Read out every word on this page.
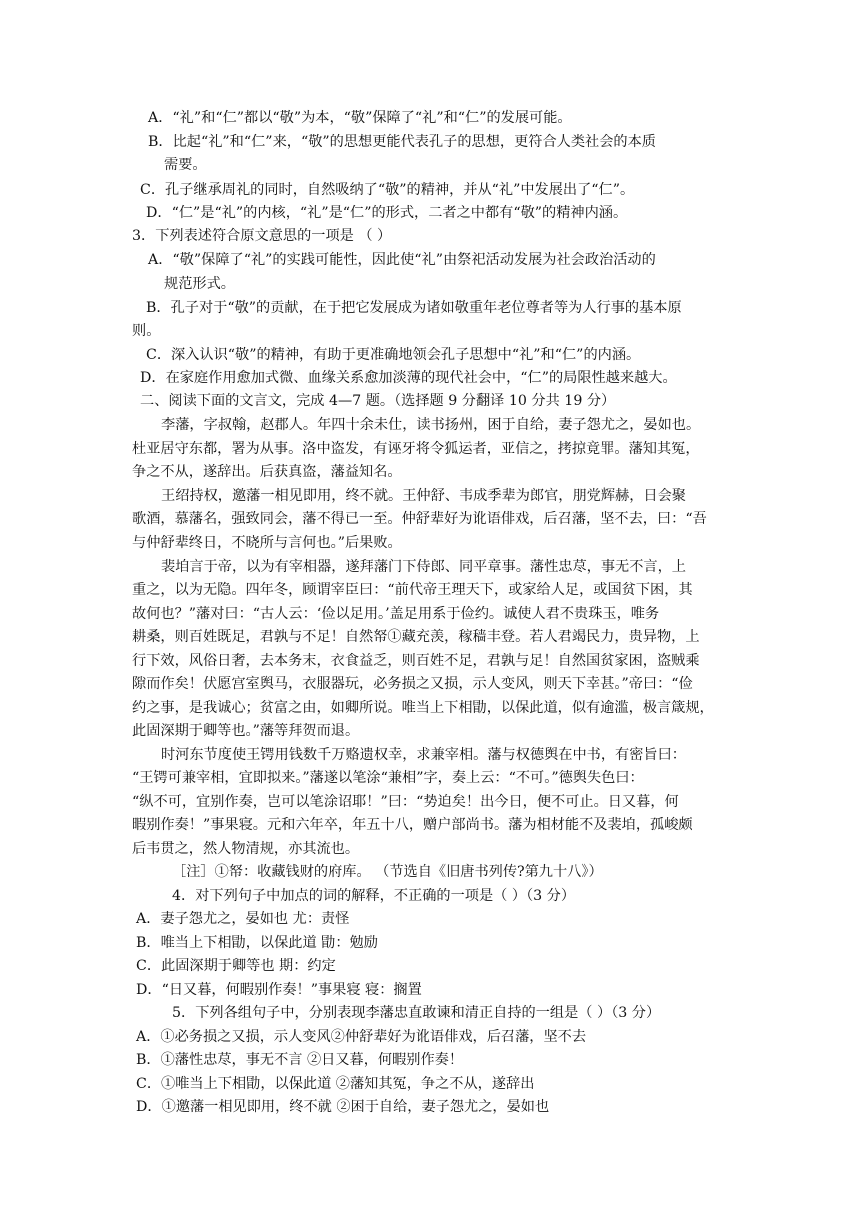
A．“礼”和“仁”都以“敬”为本，“敬”保障了“礼”和“仁”的发展可能。
B．比起“礼”和“仁”来，“敬”的思想更能代表孔子的思想，更符合人类社会的本质
需要。
C．孔子继承周礼的同时，自然吸纳了“敬”的精神，并从“礼”中发展出了“仁”。
D．“仁”是“礼”的内核，“礼”是“仁”的形式，二者之中都有“敬”的精神内涵。
3．下列表述符合原文意思的一项是 （ ）
A．“敬”保障了“礼”的实践可能性，因此使“礼”由祭祀活动发展为社会政治活动的
规范形式。
B．孔子对于“敬”的贡献，在于把它发展成为诸如敬重年老位尊者等为人行事的基本原
则。
C．深入认识“敬”的精神，有助于更准确地领会孔子思想中“礼”和“仁”的内涵。
D．在家庭作用愈加式微、血缘关系愈加淡薄的现代社会中，“仁”的局限性越来越大。
二、阅读下面的文言文，完成 4—7 题。（选择题 9 分翻译 10 分共 19 分）
李藩，字叔翰，赵郡人。年四十余未仕，读书扬州，困于自给，妻子怨尤之，晏如也。
杜亚居守东都，署为从事。洛中盗发，有诬牙将令狐运者，亚信之，拷掠竟罪。藩知其冤，
争之不从，遂辞出。后获真盗，藩益知名。
王绍持权，邀藩一相见即用，终不就。王仲舒、韦成季辈为郎官，朋党辉赫，日会聚
歌酒，慕藩名，强致同会，藩不得已一至。仲舒辈好为讹语俳戏，后召藩，坚不去，曰：“吾
与仲舒辈终日，不晓所与言何也。”后果败。
裴垍言于帝，以为有宰相器，遂拜藩门下侍郎、同平章事。藩性忠荩，事无不言，上
重之，以为无隐。四年冬，顾谓宰臣曰：“前代帝王理天下，或家给人足，或国贫下困，其
故何也？”藩对曰：“古人云：‘俭以足用。’盖足用系于俭约。诚使人君不贵珠玉，唯务
耕桑，则百姓既足，君孰与不足！自然帑①藏充羡，稼穑丰登。若人君竭民力，贵异物，上
行下效，风俗日奢，去本务末，衣食益乏，则百姓不足，君孰与足！自然国贫家困，盗贼乘
隙而作矣！伏愿宫室舆马，衣服器玩，必务损之又损，示人变风，则天下幸甚。”帝曰：“俭
约之事，是我诚心；贫富之由，如卿所说。唯当上下相勖，以保此道，似有逾滥，极言箴规，
此固深期于卿等也。”藩等拜贺而退。
时河东节度使王锷用钱数千万赂遗权幸，求兼宰相。藩与权德舆在中书，有密旨曰：
“王锷可兼宰相，宜即拟来。”藩遂以笔涂“兼相”字，奏上云：“不可。”德舆失色曰：
“纵不可，宜别作奏，岂可以笔涂诏耶！”曰：“势迫矣！出今日，便不可止。日又暮，何
暇别作奏！”事果寝。元和六年卒，年五十八，赠户部尚书。藩为相材能不及裴垍，孤峻颇
后韦贯之，然人物清规，亦其流也。
［注］①帑：收藏钱财的府库。 （节选自《旧唐书列传?第九十八》）
4．对下列句子中加点的词的解释，不正确的一项是（ ）（3 分）
A．妻子怨尤之，晏如也 尤：责怪
B．唯当上下相勖，以保此道 勖：勉励
C．此固深期于卿等也 期：约定
D．“日又暮，何暇别作奏！”事果寝 寝：搁置
5．下列各组句子中，分别表现李藩忠直敢谏和清正自持的一组是（ ）（3 分）
A．①必务损之又损，示人变风②仲舒辈好为讹语俳戏，后召藩，坚不去
B．①藩性忠荩，事无不言 ②日又暮，何暇别作奏！
C．①唯当上下相勖，以保此道 ②藩知其冤，争之不从，遂辞出
D．①邀藩一相见即用，终不就 ②困于自给，妻子怨尤之，晏如也
